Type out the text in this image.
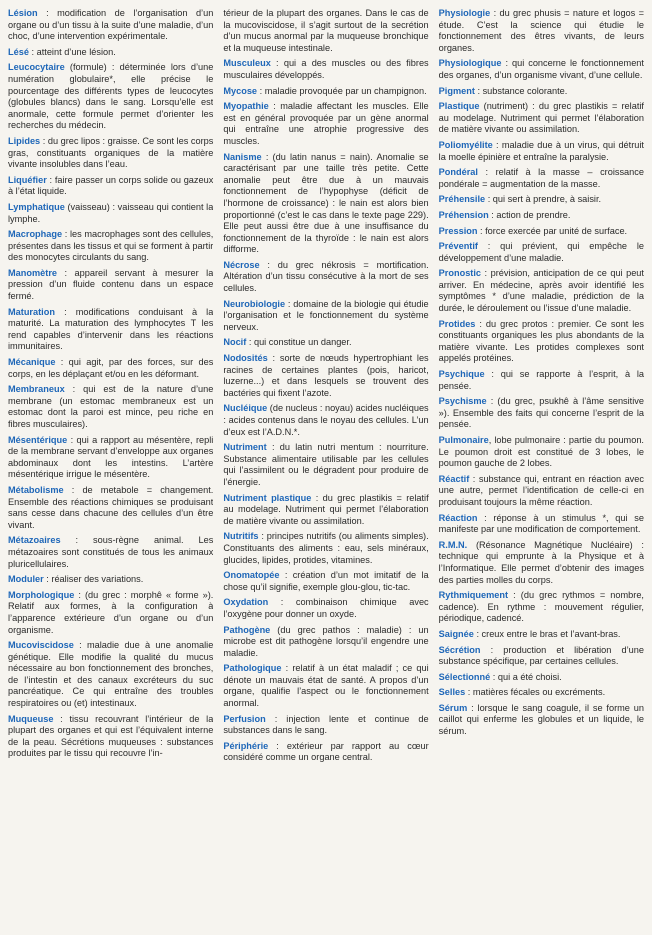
Lésion : modification de l’organisation d’un organe ou d’un tissu à la suite d’une maladie, d’un choc, d’une intervention expérimentale.

Lésé : atteint d’une lésion.

Leucocytaire (formule) : déterminée lors d’une numération globulaire*, elle précise le pourcentage des différents types de leucocytes (globules blancs) dans le sang. Lorsqu’elle est anormale, cette formule permet d’orienter les recherches du médecin.

Lipides : du grec lipos : graisse. Ce sont les corps gras, constituants organiques de la matière vivante insolubles dans l’eau.

Liquéfier : faire passer un corps solide ou gazeux à l’état liquide.

Lymphatique (vaisseau) : vaisseau qui contient la lymphe.

Macrophage : les macrophages sont des cellules, présentes dans les tissus et qui se forment à partir des monocytes circulants du sang.

Manomètre : appareil servant à mesurer la pression d’un fluide contenu dans un espace fermé.

Maturation : modifications conduisant à la maturité. La maturation des lymphocytes T les rend capables d’intervenir dans les réactions immunitaires.

Mécanique : qui agit, par des forces, sur des corps, en les déplaçant et/ou en les déformant.

Membraneux : qui est de la nature d’une membrane (un estomac membraneux est un estomac dont la paroi est mince, peu riche en fibres musculaires).

Mésentérique : qui a rapport au mésentère, repli de la membrane servant d’enveloppe aux organes abdominaux dont les intestins. L’artère mésentérique irrigue le mésentère.

Métabolisme : de metabole = changement. Ensemble des réactions chimiques se produisant sans cesse dans chacune des cellules d’un être vivant.

Métazoaires : sous-règne animal. Les métazoaires sont constitués de tous les animaux pluricellulaires.

Moduler : réaliser des variations.

Morphologique : (du grec : morphê « forme »). Relatif aux formes, à la configuration à l’apparence extérieure d’un organe ou d’un organisme.

Mucoviscidose : maladie due à une anomalie génétique. Elle modifie la qualité du mucus nécessaire au bon fonctionnement des bronches, de l’intestin et des canaux excréteurs du suc pancréatique. Ce qui entraîne des troubles respiratoires ou (et) intestinaux.

Muqueuse : tissu recouvrant l’intérieur de la plupart des organes et qui est l’équivalent interne de la peau. Sécrétions muqueuses : substances produites par le tissu qui recouvre l’in-

térieur de la plupart des organes. Dans le cas de la mucoviscidose, il s’agit surtout de la secrétion d’un mucus anormal par la muqueuse bronchique et la muqueuse intestinale.

Musculeux : qui a des muscles ou des fibres musculaires développés.

Mycose : maladie provoquée par un champignon.

Myopathie : maladie affectant les muscles. Elle est en général provoquée par un gène anormal qui entraîne une atrophie progressive des muscles.

Nanisme : (du latin nanus = nain). Anomalie se caractérisant par une taille très petite. Cette anomalie peut être due à un mauvais fonctionnement de l’hypophyse (déficit de l’hormone de croissance) : le nain est alors bien proportionné (c’est le cas dans le texte page 229). Elle peut aussi être due à une insuffisance du fonctionnement de la thyroïde : le nain est alors difforme.

Nécrose : du grec nékrosis = mortification. Altération d’un tissu consécutive à la mort de ses cellules.

Neurobiologie : domaine de la biologie qui étudie l’organisation et le fonctionnement du système nerveux.

Nocif : qui constitue un danger.

Nodosités : sorte de nœuds hypertrophiant les racines de certaines plantes (pois, haricot, luzerne...) et dans lesquels se trouvent des bactéries qui fixent l’azote.

Nucléique (de nucleus : noyau) acides nucléiques : acides contenus dans le noyau des cellules. L’un d’eux est l’A.D.N.*.

Nutriment : du latin nutri mentum : nourriture. Substance alimentaire utilisable par les cellules qui l’assimilent ou le dégradent pour produire de l’énergie.

Nutriment plastique : du grec plastikis = relatif au modelage. Nutriment qui permet l’élaboration de matière vivante ou assimilation.

Nutritifs : principes nutritifs (ou aliments simples). Constituants des aliments : eau, sels minéraux, glucides, lipides, protides, vitamines.

Onomatopée : création d’un mot imitatif de la chose qu’il signifie, exemple glou-glou, tic-tac.

Oxydation : combinaison chimique avec l’oxygène pour donner un oxyde.

Pathogène (du grec pathos : maladie) : un microbe est dit pathogène lorsqu’il engendre une maladie.

Pathologique : relatif à un état maladif ; ce qui dénote un mauvais état de santé. A propos d’un organe, qualifie l’aspect ou le fonctionnement anormal.

Perfusion : injection lente et continue de substances dans le sang.

Périphérie : extérieur par rapport au cœur considéré comme un organe central.

Physiologie : du grec phusis = nature et logos = étude. C’est la science qui étudie le fonctionnement des êtres vivants, de leurs organes.

Physiologique : qui concerne le fonctionnement des organes, d’un organisme vivant, d’une cellule.

Pigment : substance colorante.

Plastique (nutriment) : du grec plastikis = relatif au modelage. Nutriment qui permet l’élaboration de matière vivante ou assimilation.

Poliomyélite : maladie due à un virus, qui détruit la moelle épinière et entraîne la paralysie.

Pondéral : relatif à la masse – croissance pondérale = augmentation de la masse.

Préhensile : qui sert à prendre, à saisir.

Préhension : action de prendre.

Pression : force exercée par unité de surface.

Préventif : qui prévient, qui empêche le développement d’une maladie.

Pronostic : prévision, anticipation de ce qui peut arriver. En médecine, après avoir identifié les symptômes * d’une maladie, prédiction de la durée, le déroulement ou l’issue d’une maladie.

Protides : du grec protos : premier. Ce sont les constituants organiques les plus abondants de la matière vivante. Les protides complexes sont appelés protéines.

Psychique : qui se rapporte à l’esprit, à la pensée.

Psychisme : (du grec, psukhê à l’âme sensitive »). Ensemble des faits qui concerne l’esprit de la pensée.

Pulmonaire, lobe pulmonaire : partie du poumon. Le poumon droit est constitué de 3 lobes, le poumon gauche de 2 lobes.

Réactif : substance qui, entrant en réaction avec une autre, permet l’identification de celle-ci en produisant toujours la même réaction.

Réaction : réponse à un stimulus *, qui se manifeste par une modification de comportement.

R.M.N. (Résonance Magnétique Nucléaire) : technique qui emprunte à la Physique et à l’Informatique. Elle permet d’obtenir des images des parties molles du corps.

Rythmiquement : (du grec rythmos = nombre, cadence). En rythme : mouvement régulier, périodique, cadencé.

Saignée : creux entre le bras et l’avant-bras.

Sécrétion : production et libération d’une substance spécifique, par certaines cellules.

Sélectionné : qui a été choisi.

Selles : matières fécales ou excréments.

Sérum : lorsque le sang coagule, il se forme un caillot qui enferme les globules et un liquide, le sérum.
